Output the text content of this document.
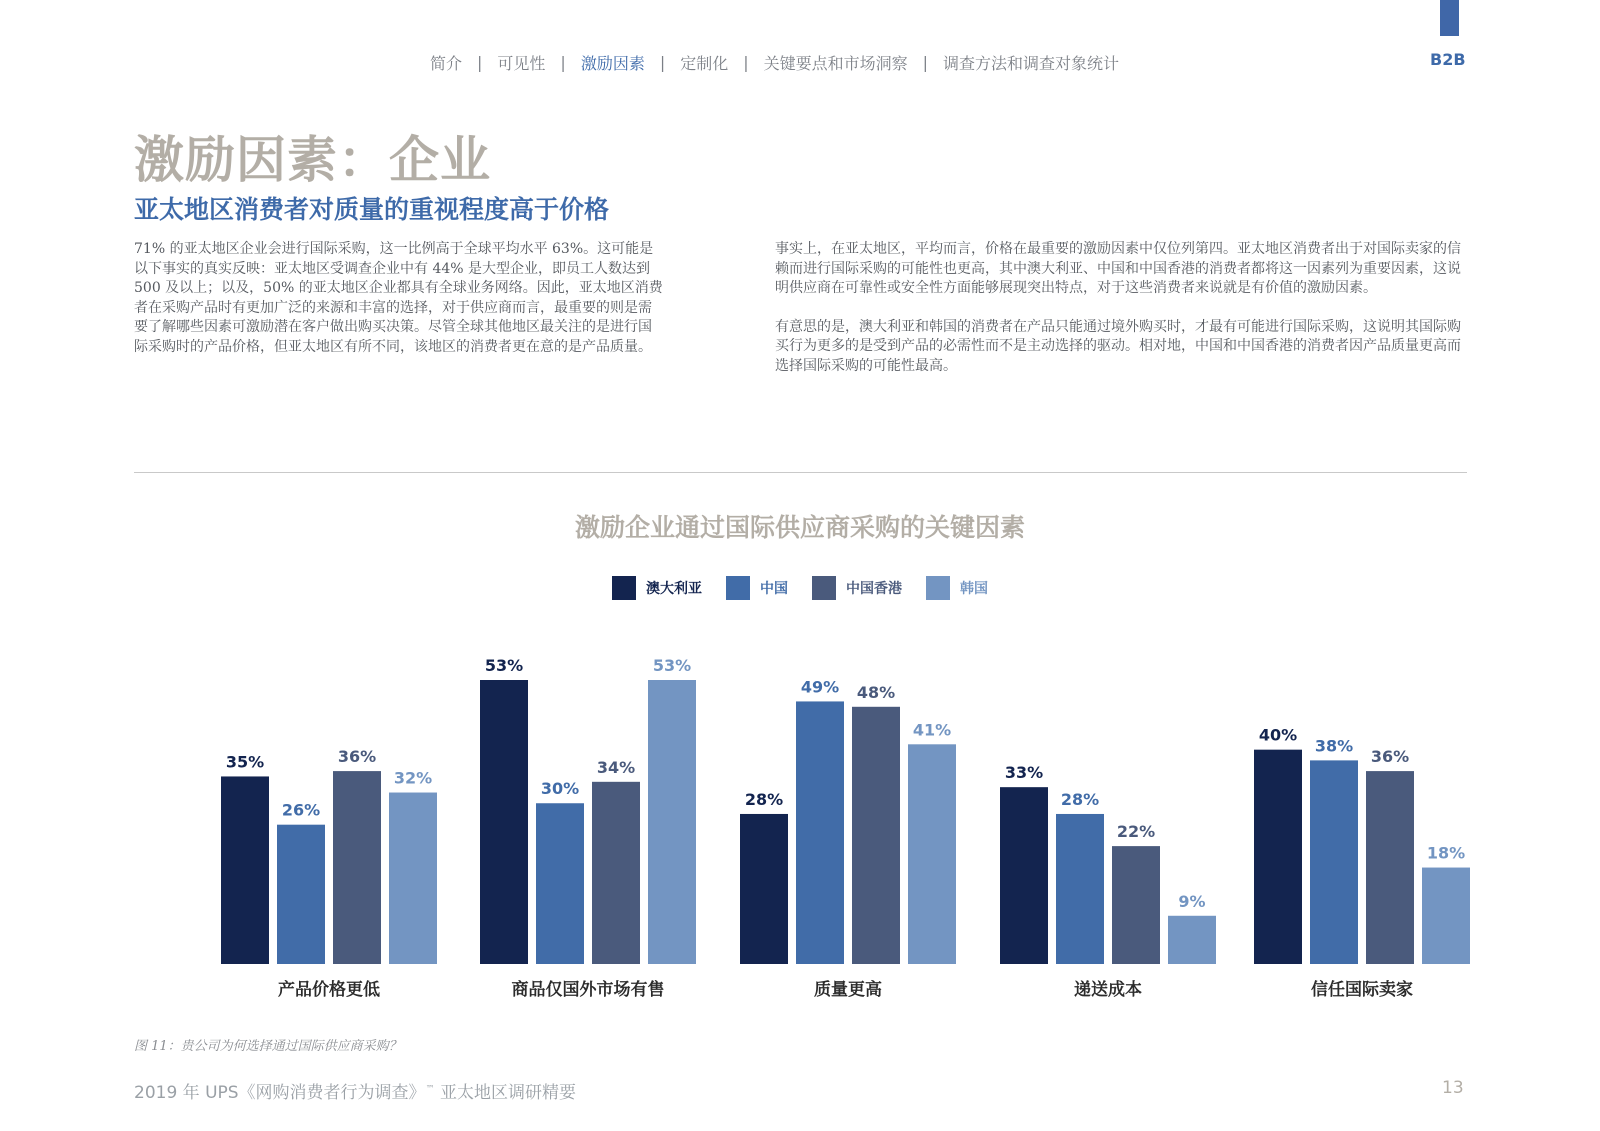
简介 | 可见性 | 激励因素 | 定制化 | 关键要点和市场洞察 | 调查方法和调查对象统计	B2B
激励因素：企业
亚太地区消费者对质量的重视程度高于价格

71% 的亚太地区企业会进行国际采购，这一比例高于全球平均水平 63%。这可能是以下事实的真实反映：亚太地区受调查企业中有 44% 是大型企业，即员工人数达到 500 及以上；以及，50% 的亚太地区企业都具有全球业务网络。因此，亚太地区消费者在采购产品时有更加广泛的来源和丰富的选择，对于供应商而言，最重要的则是需要了解哪些因素可激励潜在客户做出购买决策。尽管全球其他地区最关注的是进行国际采购时的产品价格，但亚太地区有所不同，该地区的消费者更在意的是产品质量。

事实上，在亚太地区，平均而言，价格在最重要的激励因素中仅位列第四。亚太地区消费者出于对国际卖家的信赖而进行国际采购的可能性也更高，其中澳大利亚、中国和中国香港的消费者都将这一因素列为重要因素，这说明供应商在可靠性或安全性方面能够展现突出特点，对于这些消费者来说就是有价值的激励因素。

有意思的是，澳大利亚和韩国的消费者在产品只能通过境外购买时，才最有可能进行国际采购，这说明其国际购买行为更多的是受到产品的必需性而不是主动选择的驱动。相对地，中国和中国香港的消费者因产品质量更高而选择国际采购的可能性最高。

激励企业通过国际供应商采购的关键因素
澳大利亚	中国	中国香港	韩国
35%
26%
36%
32%
产品价格更低
53%
30%
34%
53%
商品仅国外市场有售
28%
49% 48%
41%
质量更高
33%
28%
22%
9%
递送成本
40%
38%
36%
18%
信任国际卖家
图 11：贵公司为何选择通过国际供应商采购？
2019 年 UPS《网购消费者行为调查》™ 亚太地区调研精要	13
